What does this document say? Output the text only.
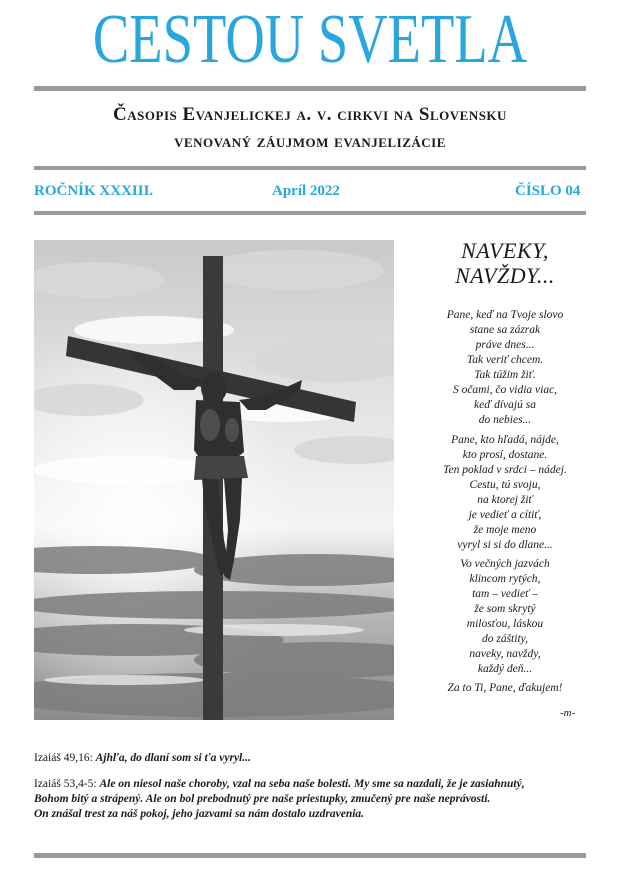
CESTOU SVETLA
Časopis Evanjelickej a. v. cirkvi na Slovensku
venovaný záujmom evanjelizácie
ROČNÍK XXXIII.	Apríl 2022	ČÍSLO 04
NAVEKY,
NAVŽDY...
Pane, keď na Tvoje slovo
stane sa zázrak
práve dnes...
Tak veriť chcem.
Tak túžim žiť.
S očami, čo vidia viac,
keď dívajú sa
do nebies...
Pane, kto hľadá, nájde,
kto prosí, dostane.
Ten poklad v srdci – nádej.
Cestu, tú svoju,
na ktorej žiť
je vedieť a cítiť,
že moje meno
vyryl si si do dlane...
Vo večných jazvách
klincom rytých,
tam – vedieť –
že som skrytý
milosťou, láskou
do záštity,
naveky, navždy,
každý deň...
Za to Ti, Pane, ďakujem!
-m-
Izaiáš 49,16: Ajhľa, do dlaní som si ťa vyryl...
Izaiáš 53,4-5: Ale on niesol naše choroby, vzal na seba naše bolesti. My sme sa nazdali, že je zasiahnutý,
Bohom bitý a strápený. Ale on bol prebodnutý pre naše priestupky, zmučený pre naše neprávosti.
On znášal trest za náš pokoj, jeho jazvami sa nám dostalo uzdravenia.
